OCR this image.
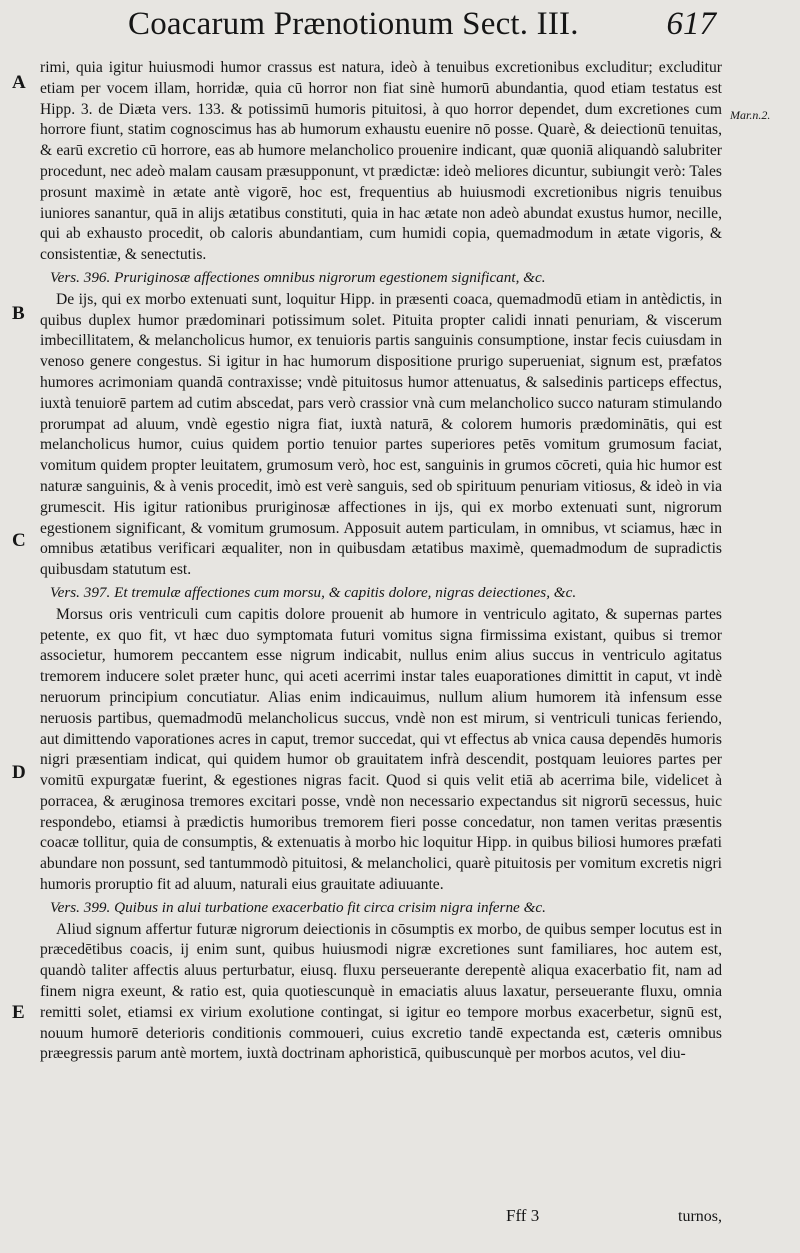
Coacarum Prænotionum Sect. III.	617
A
B
C
D
E
Mar.n.2.

rimi, quia igitur huiusmodi humor crassus est natura, ideò à tenuibus excretionibus excluditur; excluditur etiam per vocem illam, horridæ, quia cū horror non fiat sinè humorū abundantia, quod etiam testatus est Hipp. 3. de Diæta vers. 133. & potissimū humoris pituitosi, à quo horror dependet, dum excretiones cum horrore fiunt, statim cognoscimus has ab humorum exhaustu euenire nō posse. Quarè, & deiectionū tenuitas, & earū excretio cū horrore, eas ab humore melancholico prouenire indicant, quæ quoniā aliquandò salubriter procedunt, nec adeò malam causam præsupponunt, vt prædictæ: ideò meliores dicuntur, subiungit verò: Tales prosunt maximè in ætate antè vigorē, hoc est, frequentius ab huiusmodi excretionibus nigris tenuibus iuniores sanantur, quā in alijs ætatibus constituti, quia in hac ætate non adeò abundat exustus humor, necille, qui ab exhausto procedit, ob caloris abundantiam, cum humidi copia, quemadmodum in ætate vigoris, & consistentiæ, & senectutis.

Vers. 396. Pruriginosæ affectiones omnibus nigrorum egestionem significant, &c.

De ijs, qui ex morbo extenuati sunt, loquitur Hipp. in præsenti coaca, quemadmodū etiam in antèdictis, in quibus duplex humor prædominari potissimum solet. Pituita propter calidi innati penuriam, & viscerum imbecillitatem, & melancholicus humor, ex tenuioris partis sanguinis consumptione, instar fecis cuiusdam in venoso genere congestus. Si igitur in hac humorum dispositione prurigo superueniat, signum est, præfatos humores acrimoniam quandā contraxisse; vndè pituitosus humor attenuatus, & salsedinis particeps effectus, iuxtà tenuiorē partem ad cutim abscedat, pars verò crassior vnà cum melancholico succo naturam stimulando prorumpat ad aluum, vndè egestio nigra fiat, iuxtà naturā, & colorem humoris prædominātis, qui est melancholicus humor, cuius quidem portio tenuior partes superiores petēs vomitum grumosum faciat, vomitum quidem propter leuitatem, grumosum verò, hoc est, sanguinis in grumos cōcreti, quia hic humor est naturæ sanguinis, & à venis procedit, imò est verè sanguis, sed ob spirituum penuriam vitiosus, & ideò in via grumescit. His igitur rationibus pruriginosæ affectiones in ijs, qui ex morbo extenuati sunt, nigrorum egestionem significant, & vomitum grumosum. Apposuit autem particulam, in omnibus, vt sciamus, hæc in omnibus ætatibus verificari æqualiter, non in quibusdam ætatibus maximè, quemadmodum de supradictis quibusdam statutum est.

Vers. 397. Et tremulæ affectiones cum morsu, & capitis dolore, nigras deiectiones, &c.

Morsus oris ventriculi cum capitis dolore prouenit ab humore in ventriculo agitato, & supernas partes petente, ex quo fit, vt hæc duo symptomata futuri vomitus signa firmissima existant, quibus si tremor associetur, humorem peccantem esse nigrum indicabit, nullus enim alius succus in ventriculo agitatus tremorem inducere solet præter hunc, qui aceti acerrimi instar tales euaporationes dimittit in caput, vt indè neruorum principium concutiatur. Alias enim indicauimus, nullum alium humorem ità infensum esse neruosis partibus, quemadmodū melancholicus succus, vndè non est mirum, si ventriculi tunicas feriendo, aut dimittendo vaporationes acres in caput, tremor succedat, qui vt effectus ab vnica causa dependēs humoris nigri præsentiam indicat, qui quidem humor ob grauitatem infrà descendit, postquam leuiores partes per vomitū expurgatæ fuerint, & egestiones nigras facit. Quod si quis velit etiā ab acerrima bile, videlicet à porracea, & æruginosa tremores excitari posse, vndè non necessario expectandus sit nigrorū secessus, huic respondebo, etiamsi à prædictis humoribus tremorem fieri posse concedatur, non tamen veritas præsentis coacæ tollitur, quia de consumptis, & extenuatis à morbo hic loquitur Hipp. in quibus biliosi humores præfati abundare non possunt, sed tantummodò pituitosi, & melancholici, quarè pituitosis per vomitum excretis nigri humoris proruptio fit ad aluum, naturali eius grauitate adiuuante.

Vers. 399. Quibus in alui turbatione exacerbatio fit circa crisim nigra inferne &c.

Aliud signum affertur futuræ nigrorum deiectionis in cōsumptis ex morbo, de quibus semper locutus est in præcedētibus coacis, ij enim sunt, quibus huiusmodi nigræ excretiones sunt familiares, hoc autem est, quandò taliter affectis aluus perturbatur, eiusq. fluxu perseuerante derepentè aliqua exacerbatio fit, nam ad finem nigra exeunt, & ratio est, quia quotiescunquè in emaciatis aluus laxatur, perseuerante fluxu, omnia remitti solet, etiamsi ex virium exolutione contingat, si igitur eo tempore morbus exacerbetur, signū est, nouum humorē deterioris conditionis commoueri, cuius excretio tandē expectanda est, cæteris omnibus præegressis parum antè mortem, iuxtà doctrinam aphoristicā, quibuscunquè per morbos acutos, vel diu-

Fff 3	turnos,
